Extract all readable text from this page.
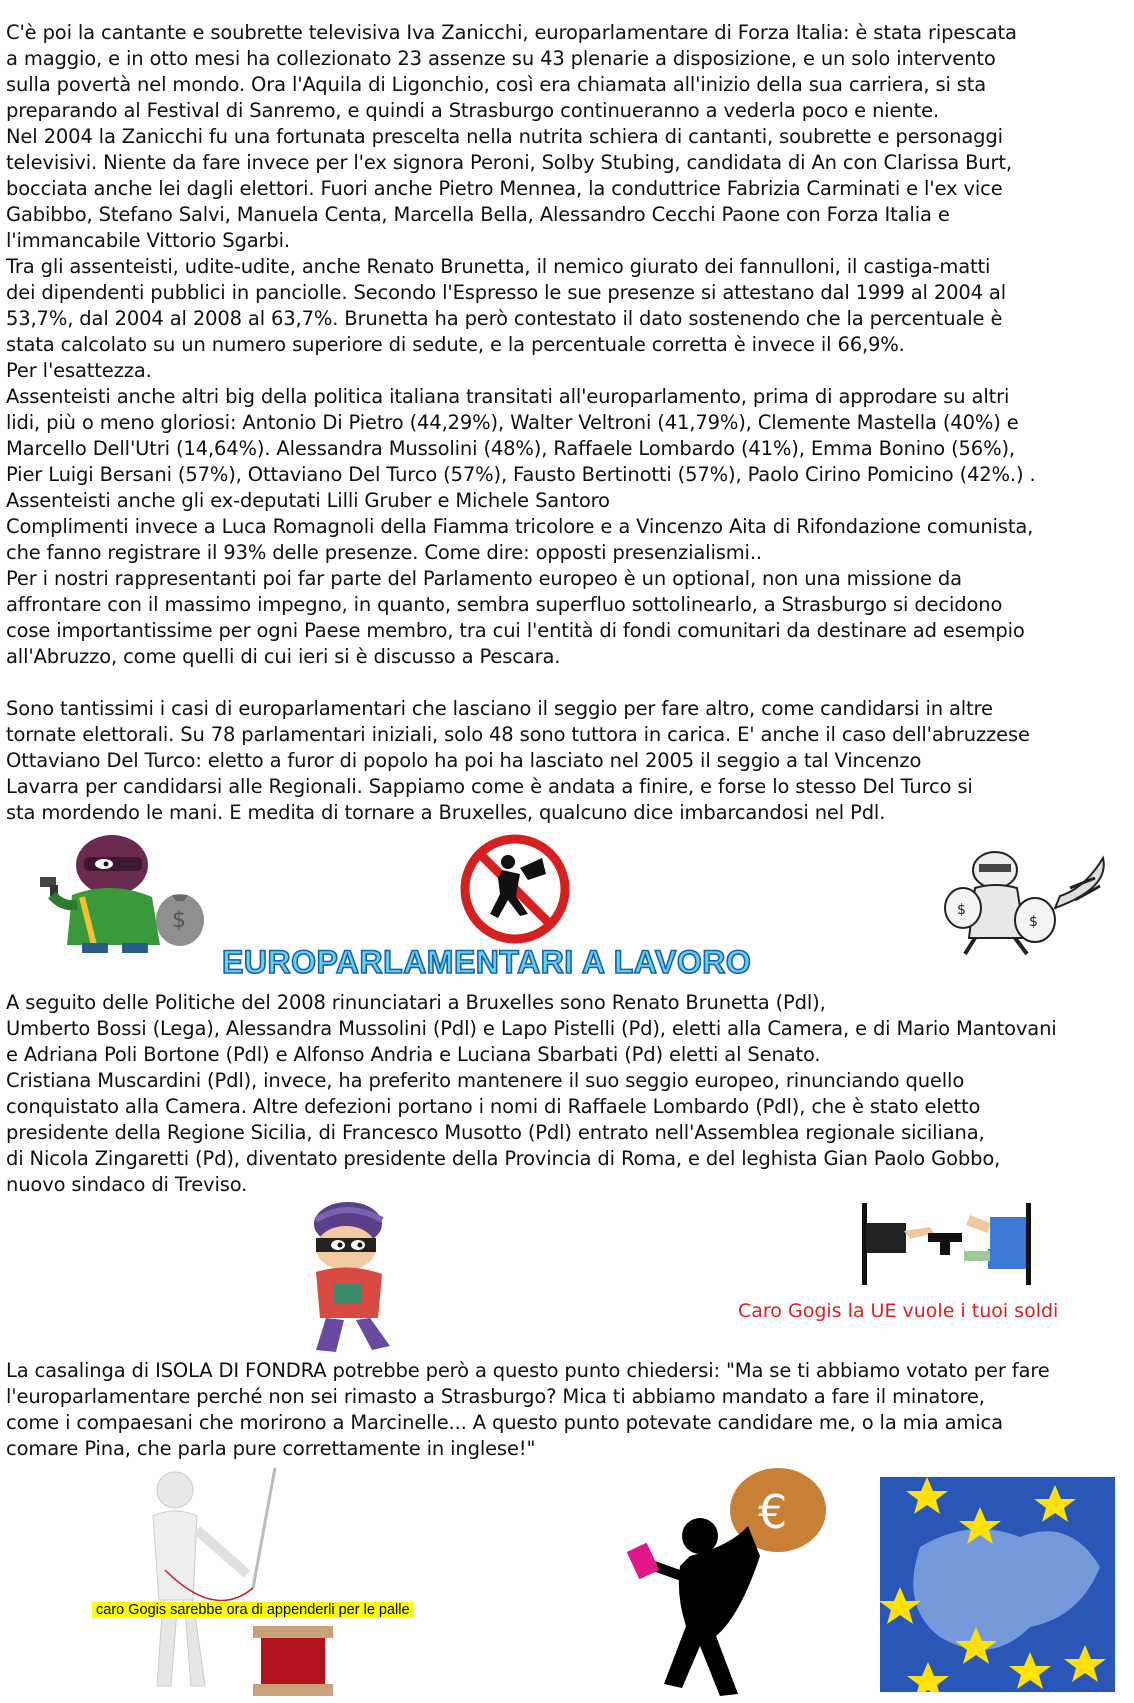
C'è poi la cantante e soubrette televisiva Iva Zanicchi, europarlamentare di Forza Italia: è stata ripescata

a maggio, e in otto mesi ha collezionato 23 assenze su 43 plenarie a disposizione, e un solo intervento

sulla povertà nel mondo. Ora l'Aquila di Ligonchio, così era chiamata all'inizio della sua carriera, si sta

preparando al Festival di Sanremo, e quindi a Strasburgo continueranno a vederla poco e niente.

Nel 2004 la Zanicchi fu una fortunata prescelta nella nutrita schiera di cantanti, soubrette e personaggi

televisivi. Niente da fare invece per l'ex signora Peroni, Solby Stubing, candidata di An con Clarissa Burt,

bocciata anche lei dagli elettori. Fuori anche Pietro Mennea, la conduttrice Fabrizia Carminati e l'ex vice

Gabibbo, Stefano Salvi, Manuela Centa, Marcella Bella, Alessandro Cecchi Paone con Forza Italia e

l'immancabile Vittorio Sgarbi.

Tra gli assenteisti, udite-udite, anche Renato Brunetta, il nemico giurato dei fannulloni, il castiga-matti

dei dipendenti pubblici in panciolle. Secondo l'Espresso le sue presenze si attestano dal 1999 al 2004 al

53,7%, dal 2004 al 2008 al 63,7%. Brunetta ha però contestato il dato sostenendo che la percentuale è

stata calcolato su un numero superiore di sedute, e la percentuale corretta è invece il 66,9%.

Per l'esattezza.

Assenteisti anche altri big della politica italiana transitati all'europarlamento, prima di approdare su altri

lidi, più o meno gloriosi: Antonio Di Pietro (44,29%), Walter Veltroni (41,79%), Clemente Mastella (40%) e

Marcello Dell'Utri (14,64%). Alessandra Mussolini (48%), Raffaele Lombardo (41%), Emma Bonino (56%),

Pier Luigi Bersani (57%), Ottaviano Del Turco (57%), Fausto Bertinotti (57%), Paolo Cirino Pomicino (42%.) .

Assenteisti anche gli ex-deputati Lilli Gruber e Michele Santoro

Complimenti invece a Luca Romagnoli della Fiamma tricolore e a Vincenzo Aita di Rifondazione comunista,

che fanno registrare il 93% delle presenze. Come dire: opposti presenzialismi..

Per i nostri rappresentanti poi far parte del Parlamento europeo è un optional, non una missione da

affrontare con il massimo impegno, in quanto, sembra superfluo sottolinearlo, a Strasburgo si decidono

cose importantissime per ogni Paese membro, tra cui l'entità di fondi comunitari da destinare ad esempio

all'Abruzzo, come quelli di cui ieri si è discusso a Pescara.

Sono tantissimi i casi di europarlamentari che lasciano il seggio per fare altro, come candidarsi in altre

tornate elettorali. Su 78 parlamentari iniziali, solo 48 sono tuttora in carica. E' anche il caso dell'abruzzese

Ottaviano Del Turco: eletto a furor di popolo ha poi ha lasciato nel 2005 il seggio a tal Vincenzo

Lavarra per candidarsi alle Regionali. Sappiamo come è andata a finire, e forse lo stesso Del Turco si

sta mordendo le mani. E medita di tornare a Bruxelles, qualcuno dice imbarcandosi nel Pdl.

$
EUROPARLAMENTARI A LAVORO
$
$

A seguito delle Politiche del 2008 rinunciatari a Bruxelles sono Renato Brunetta (Pdl),

Umberto Bossi (Lega), Alessandra Mussolini (Pdl) e Lapo Pistelli (Pd), eletti alla Camera, e di Mario Mantovani

e Adriana Poli Bortone (Pdl) e Alfonso Andria e Luciana Sbarbati (Pd) eletti al Senato.

Cristiana Muscardini (Pdl), invece, ha preferito mantenere il suo seggio europeo, rinunciando quello

conquistato alla Camera. Altre defezioni portano i nomi di Raffaele Lombardo (Pdl), che è stato eletto

presidente della Regione Sicilia, di Francesco Musotto (Pdl) entrato nell'Assemblea regionale siciliana,

di Nicola Zingaretti (Pd), diventato presidente della Provincia di Roma, e del leghista Gian Paolo Gobbo,

nuovo sindaco di Treviso.

Caro Gogis la UE vuole i tuoi soldi

La casalinga di ISOLA DI FONDRA potrebbe però a questo punto chiedersi: "Ma se ti abbiamo votato per fare

l'europarlamentare perché non sei rimasto a Strasburgo? Mica ti abbiamo mandato a fare il minatore,

come i compaesani che morirono a Marcinelle... A questo punto potevate candidare me, o la mia amica

comare Pina, che parla pure correttamente in inglese!"

caro Gogis sarebbe ora di appenderli per le palle
€
